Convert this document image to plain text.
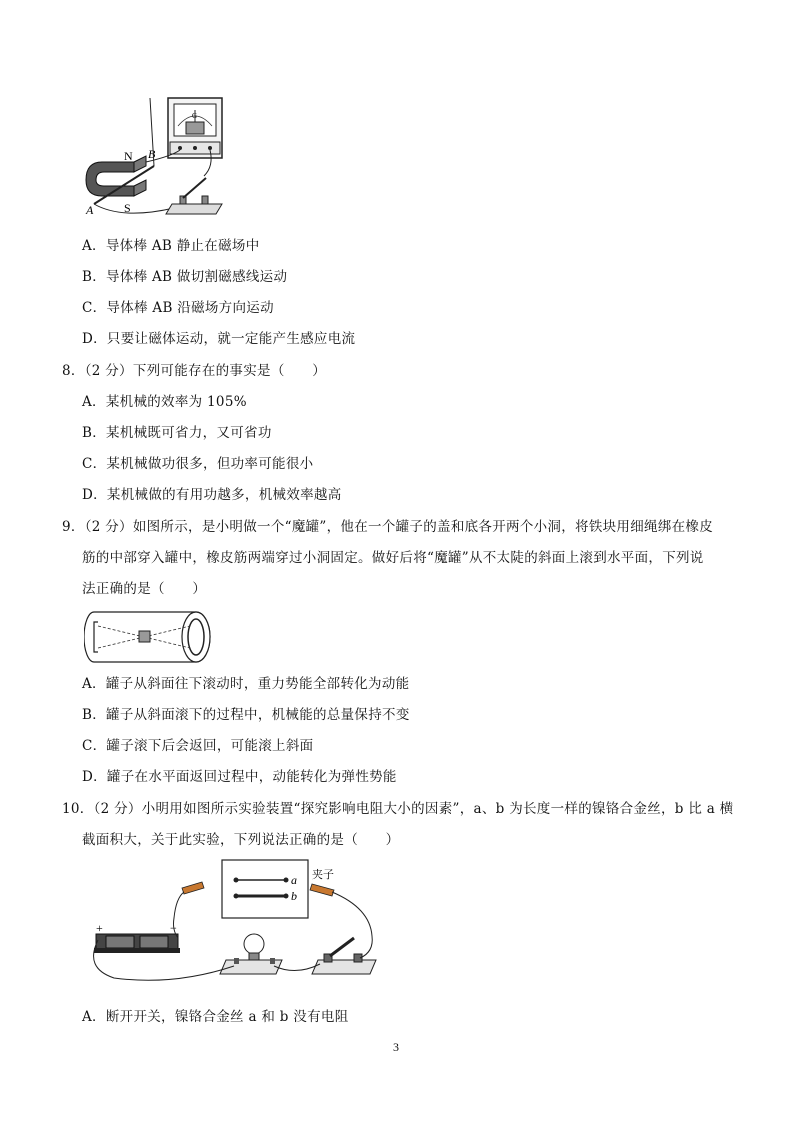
G
N
S
A
B
A．导体棒 AB 静止在磁场中
B．导体棒 AB 做切割磁感线运动
C．导体棒 AB 沿磁场方向运动
D．只要让磁体运动，就一定能产生感应电流
8．（2 分）下列可能存在的事实是（　　）
A．某机械的效率为 105%
B．某机械既可省力，又可省功
C．某机械做功很多，但功率可能很小
D．某机械做的有用功越多，机械效率越高
9．（2 分）如图所示，是小明做一个“魔罐”，他在一个罐子的盖和底各开两个小洞，将铁块用细绳绑在橡皮
筋的中部穿入罐中，橡皮筋两端穿过小洞固定。做好后将“魔罐”从不太陡的斜面上滚到水平面，下列说
法正确的是（　　）
A．罐子从斜面往下滚动时，重力势能全部转化为动能
B．罐子从斜面滚下的过程中，机械能的总量保持不变
C．罐子滚下后会返回，可能滚上斜面
D．罐子在水平面返回过程中，动能转化为弹性势能
10．（2 分）小明用如图所示实验装置“探究影响电阻大小的因素”，a、b 为长度一样的镍铬合金丝，b 比 a 横
截面积大，关于此实验，下列说法正确的是（　　）
a
b
夹子
+	−
A．断开开关，镍铬合金丝 a 和 b 没有电阻
3
